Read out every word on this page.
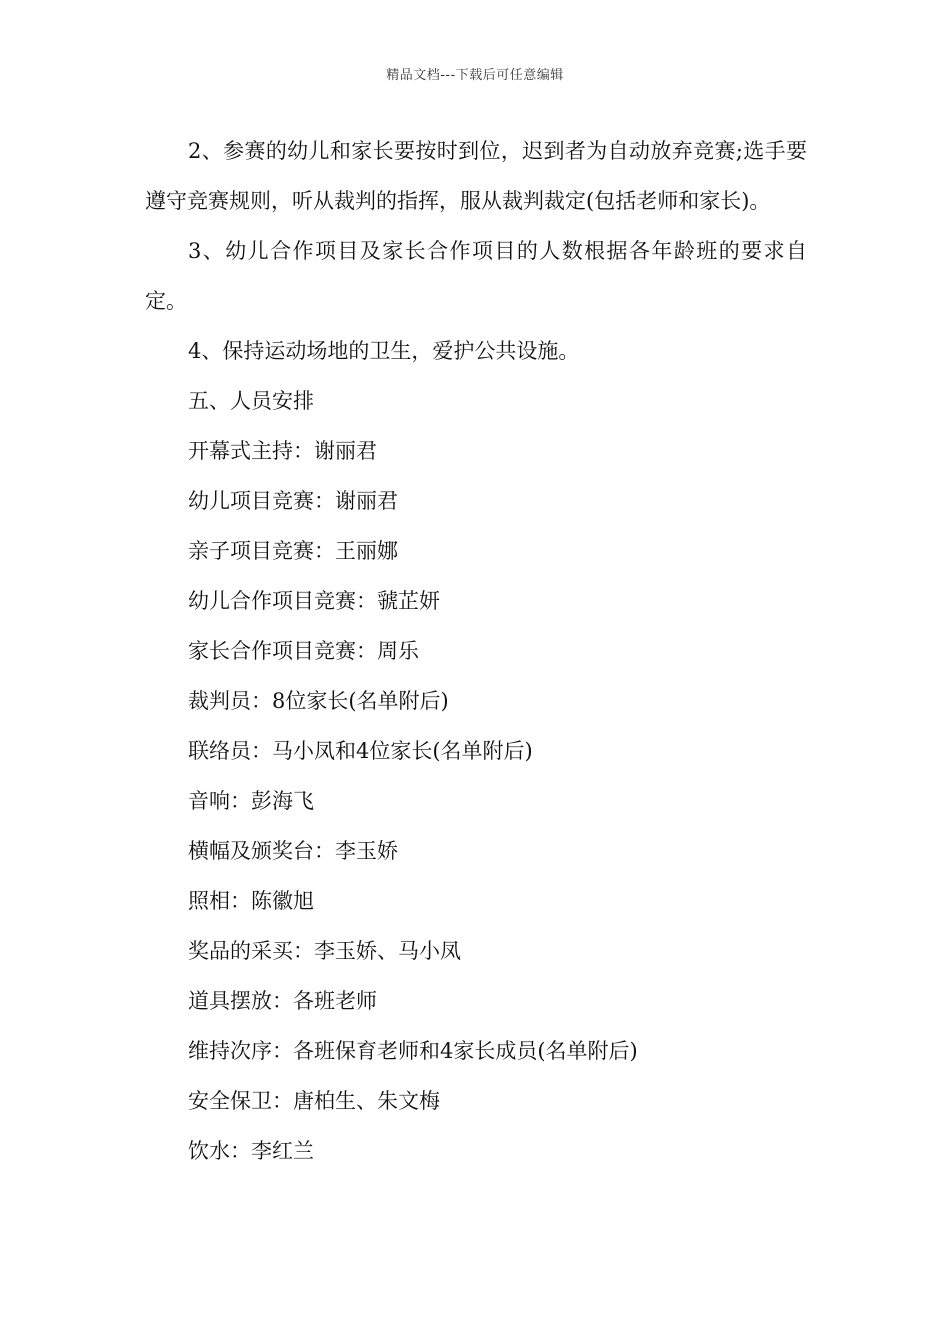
精品文档---下载后可任意编辑

2、参赛的幼儿和家长要按时到位，迟到者为自动放弃竞赛;选手要遵守竞赛规则，听从裁判的指挥，服从裁判裁定(包括老师和家长)。

3、幼儿合作项目及家长合作项目的人数根据各年龄班的要求自定。

4、保持运动场地的卫生，爱护公共设施。

五、人员安排

开幕式主持：谢丽君

幼儿项目竞赛：谢丽君

亲子项目竞赛：王丽娜

幼儿合作项目竞赛：虢芷妍

家长合作项目竞赛：周乐

裁判员：8位家长(名单附后)

联络员：马小凤和4位家长(名单附后)

音响：彭海飞

横幅及颁奖台：李玉娇

照相：陈徽旭

奖品的采买：李玉娇、马小凤

道具摆放：各班老师

维持次序：各班保育老师和4家长成员(名单附后)

安全保卫：唐柏生、朱文梅

饮水：李红兰
